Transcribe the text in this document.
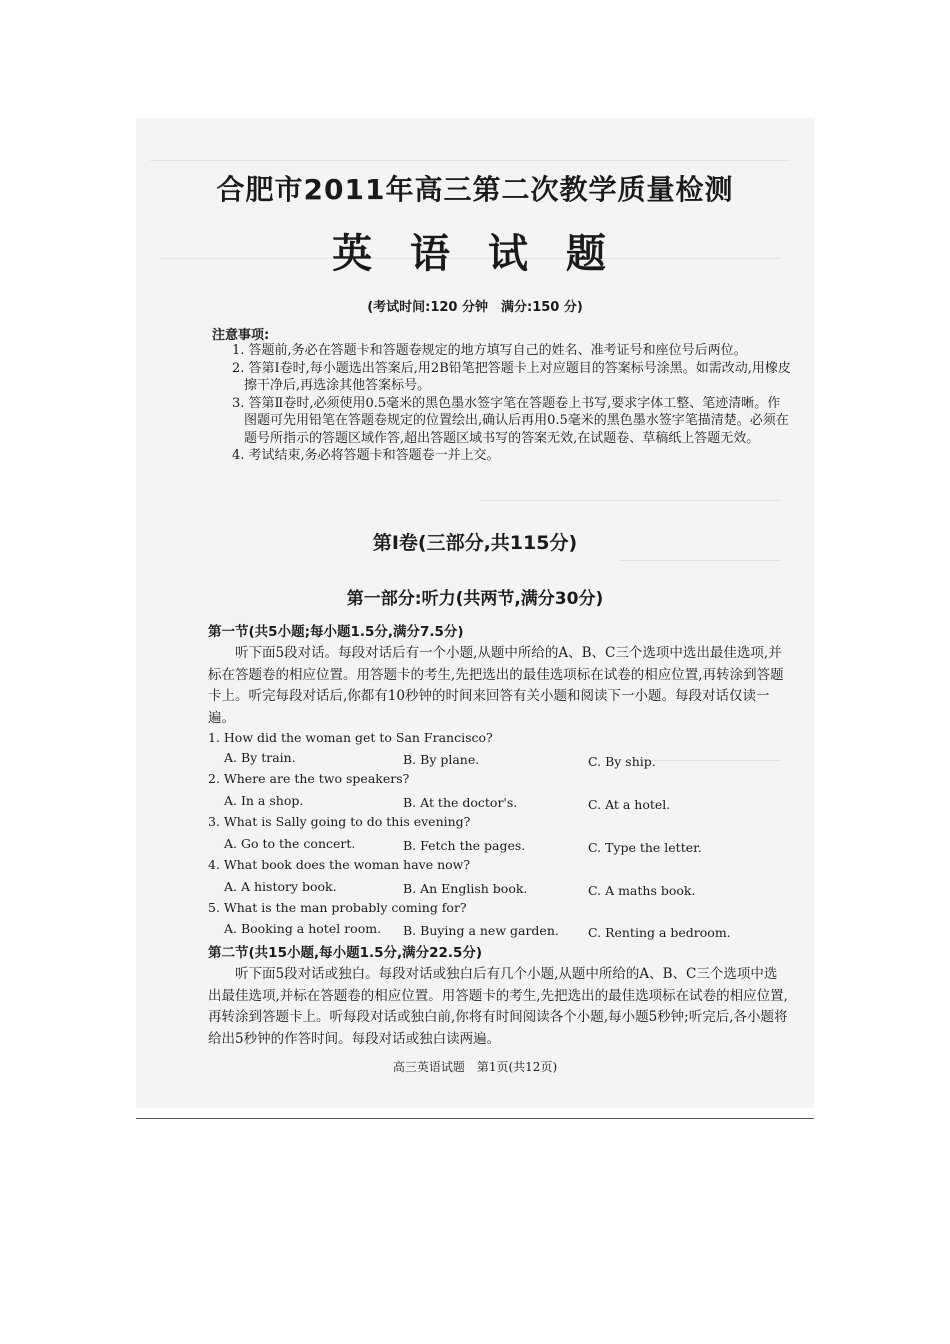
合肥市2011年高三第二次教学质量检测
英 语 试 题
(考试时间:120 分钟　满分:150 分)
注意事项:

1. 答题前,务必在答题卡和答题卷规定的地方填写自己的姓名、准考证号和座位号后两位。

2. 答第Ⅰ卷时,每小题选出答案后,用2B铅笔把答题卡上对应题目的答案标号涂黑。如需改动,用橡皮擦干净后,再选涂其他答案标号。

3. 答第Ⅱ卷时,必须使用0.5毫米的黑色墨水签字笔在答题卷上书写,要求字体工整、笔迹清晰。作图题可先用铅笔在答题卷规定的位置绘出,确认后再用0.5毫米的黑色墨水签字笔描清楚。必须在题号所指示的答题区域作答,超出答题区域书写的答案无效,在试题卷、草稿纸上答题无效。

4. 考试结束,务必将答题卡和答题卷一并上交。

第Ⅰ卷(三部分,共115分)
第一部分:听力(共两节,满分30分)
第一节(共5小题;每小题1.5分,满分7.5分)
听下面5段对话。每段对话后有一个小题,从题中所给的A、B、C三个选项中选出最佳选项,并标在答题卷的相应位置。用答题卡的考生,先把选出的最佳选项标在试卷的相应位置,再转涂到答题卡上。听完每段对话后,你都有10秒钟的时间来回答有关小题和阅读下一小题。每段对话仅读一遍。
1. How did the woman get to San Francisco?
A. By train.	B. By plane.	C. By ship.
2. Where are the two speakers?
A. In a shop.	B. At the doctor's.	C. At a hotel.
3. What is Sally going to do this evening?
A. Go to the concert.	B. Fetch the pages.	C. Type the letter.
4. What book does the woman have now?
A. A history book.	B. An English book.	C. A maths book.
5. What is the man probably coming for?
A. Booking a hotel room. B. Buying a new garden. C. Renting a bedroom.
第二节(共15小题,每小题1.5分,满分22.5分)
听下面5段对话或独白。每段对话或独白后有几个小题,从题中所给的A、B、C三个选项中选出最佳选项,并标在答题卷的相应位置。用答题卡的考生,先把选出的最佳选项标在试卷的相应位置,再转涂到答题卡上。听每段对话或独白前,你将有时间阅读各个小题,每小题5秒钟;听完后,各小题将给出5秒钟的作答时间。每段对话或独白读两遍。
高三英语试题　第1页(共12页)
